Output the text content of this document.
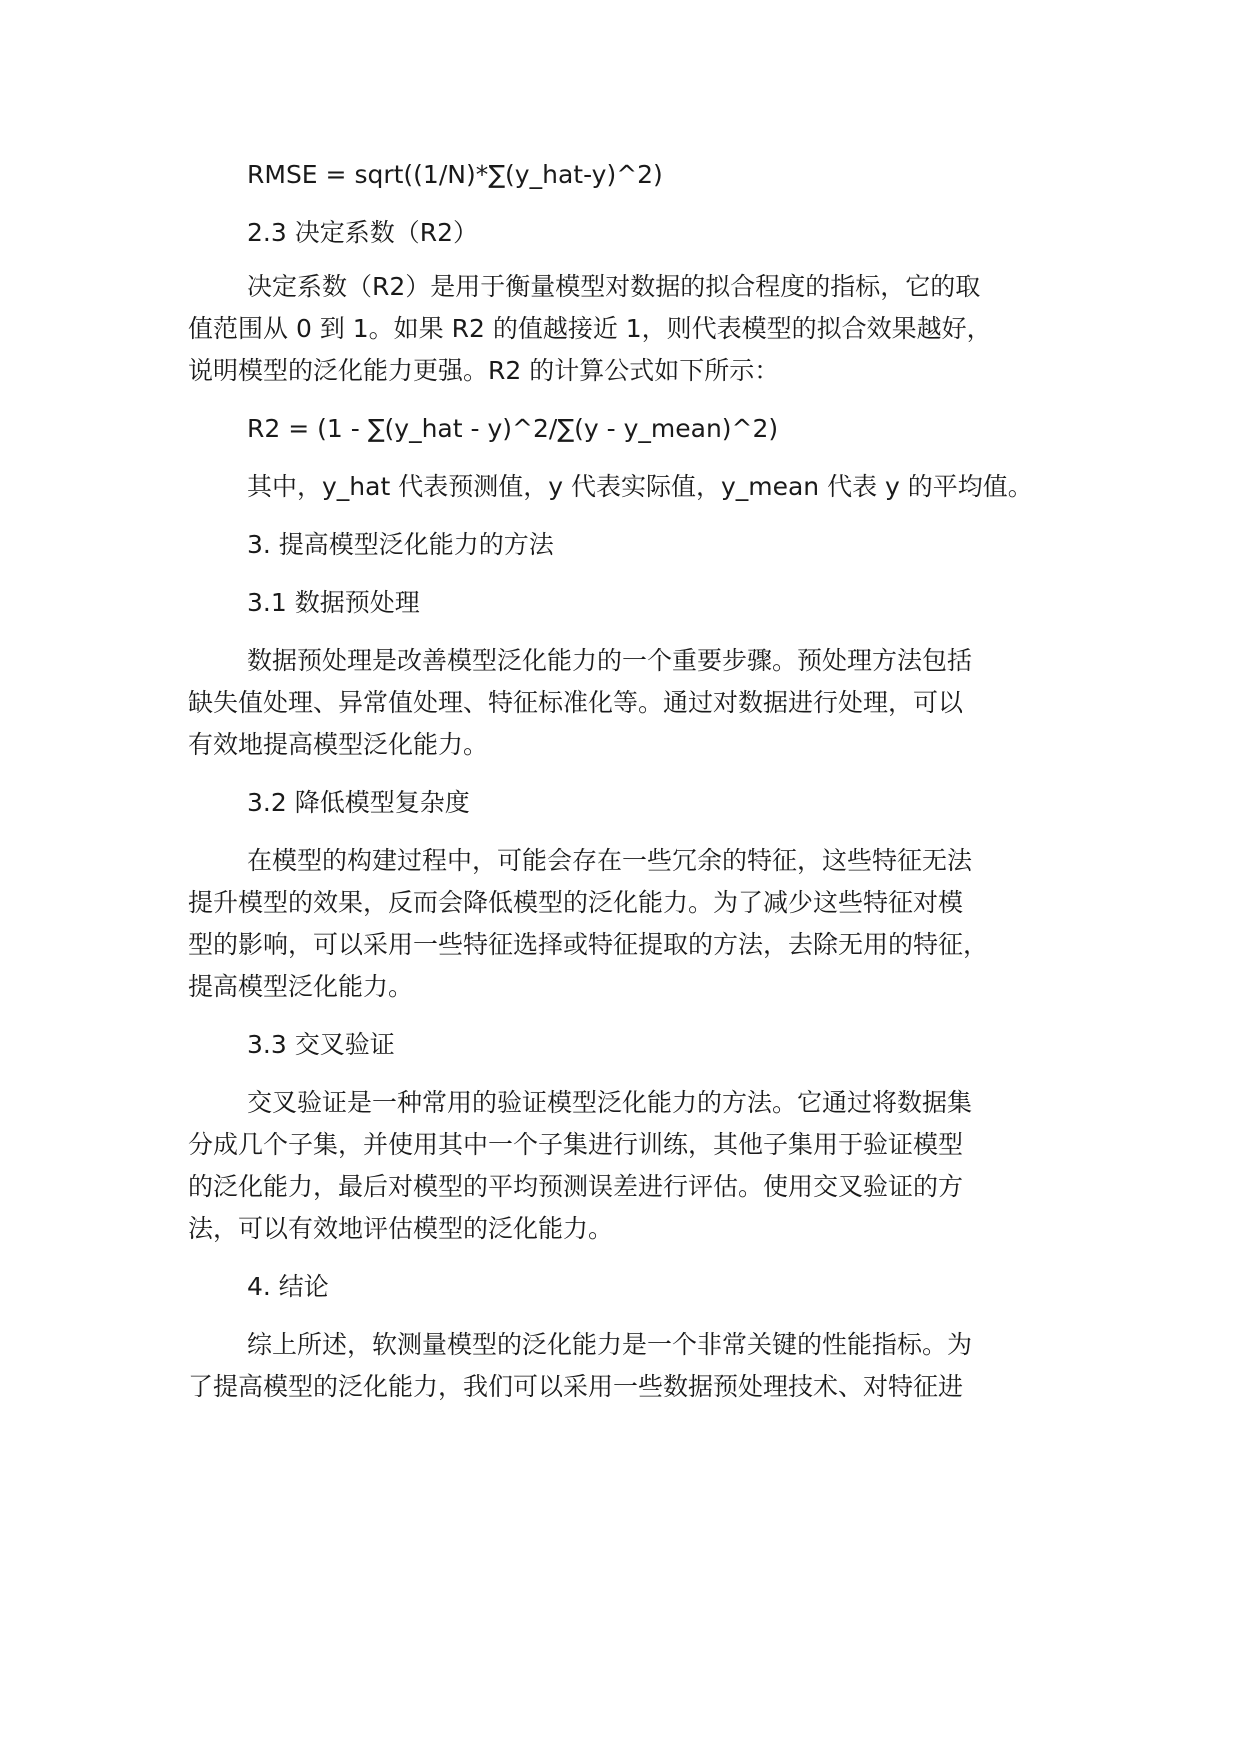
RMSE = sqrt((1/N)*∑(y_hat-y)^2)

2.3 决定系数（R2）

决定系数（R2）是用于衡量模型对数据的拟合程度的指标，它的取

值范围从 0 到 1。如果 R2 的值越接近 1，则代表模型的拟合效果越好，

说明模型的泛化能力更强。R2 的计算公式如下所示：

R2 = (1 - ∑(y_hat - y)^2/∑(y - y_mean)^2)

其中，y_hat 代表预测值，y 代表实际值，y_mean 代表 y 的平均值。

3. 提高模型泛化能力的方法

3.1 数据预处理

数据预处理是改善模型泛化能力的一个重要步骤。预处理方法包括

缺失值处理、异常值处理、特征标准化等。通过对数据进行处理，可以

有效地提高模型泛化能力。

3.2 降低模型复杂度

在模型的构建过程中，可能会存在一些冗余的特征，这些特征无法

提升模型的效果，反而会降低模型的泛化能力。为了减少这些特征对模

型的影响，可以采用一些特征选择或特征提取的方法，去除无用的特征，

提高模型泛化能力。

3.3 交叉验证

交叉验证是一种常用的验证模型泛化能力的方法。它通过将数据集

分成几个子集，并使用其中一个子集进行训练，其他子集用于验证模型

的泛化能力，最后对模型的平均预测误差进行评估。使用交叉验证的方

法，可以有效地评估模型的泛化能力。

4. 结论

综上所述，软测量模型的泛化能力是一个非常关键的性能指标。为

了提高模型的泛化能力，我们可以采用一些数据预处理技术、对特征进
